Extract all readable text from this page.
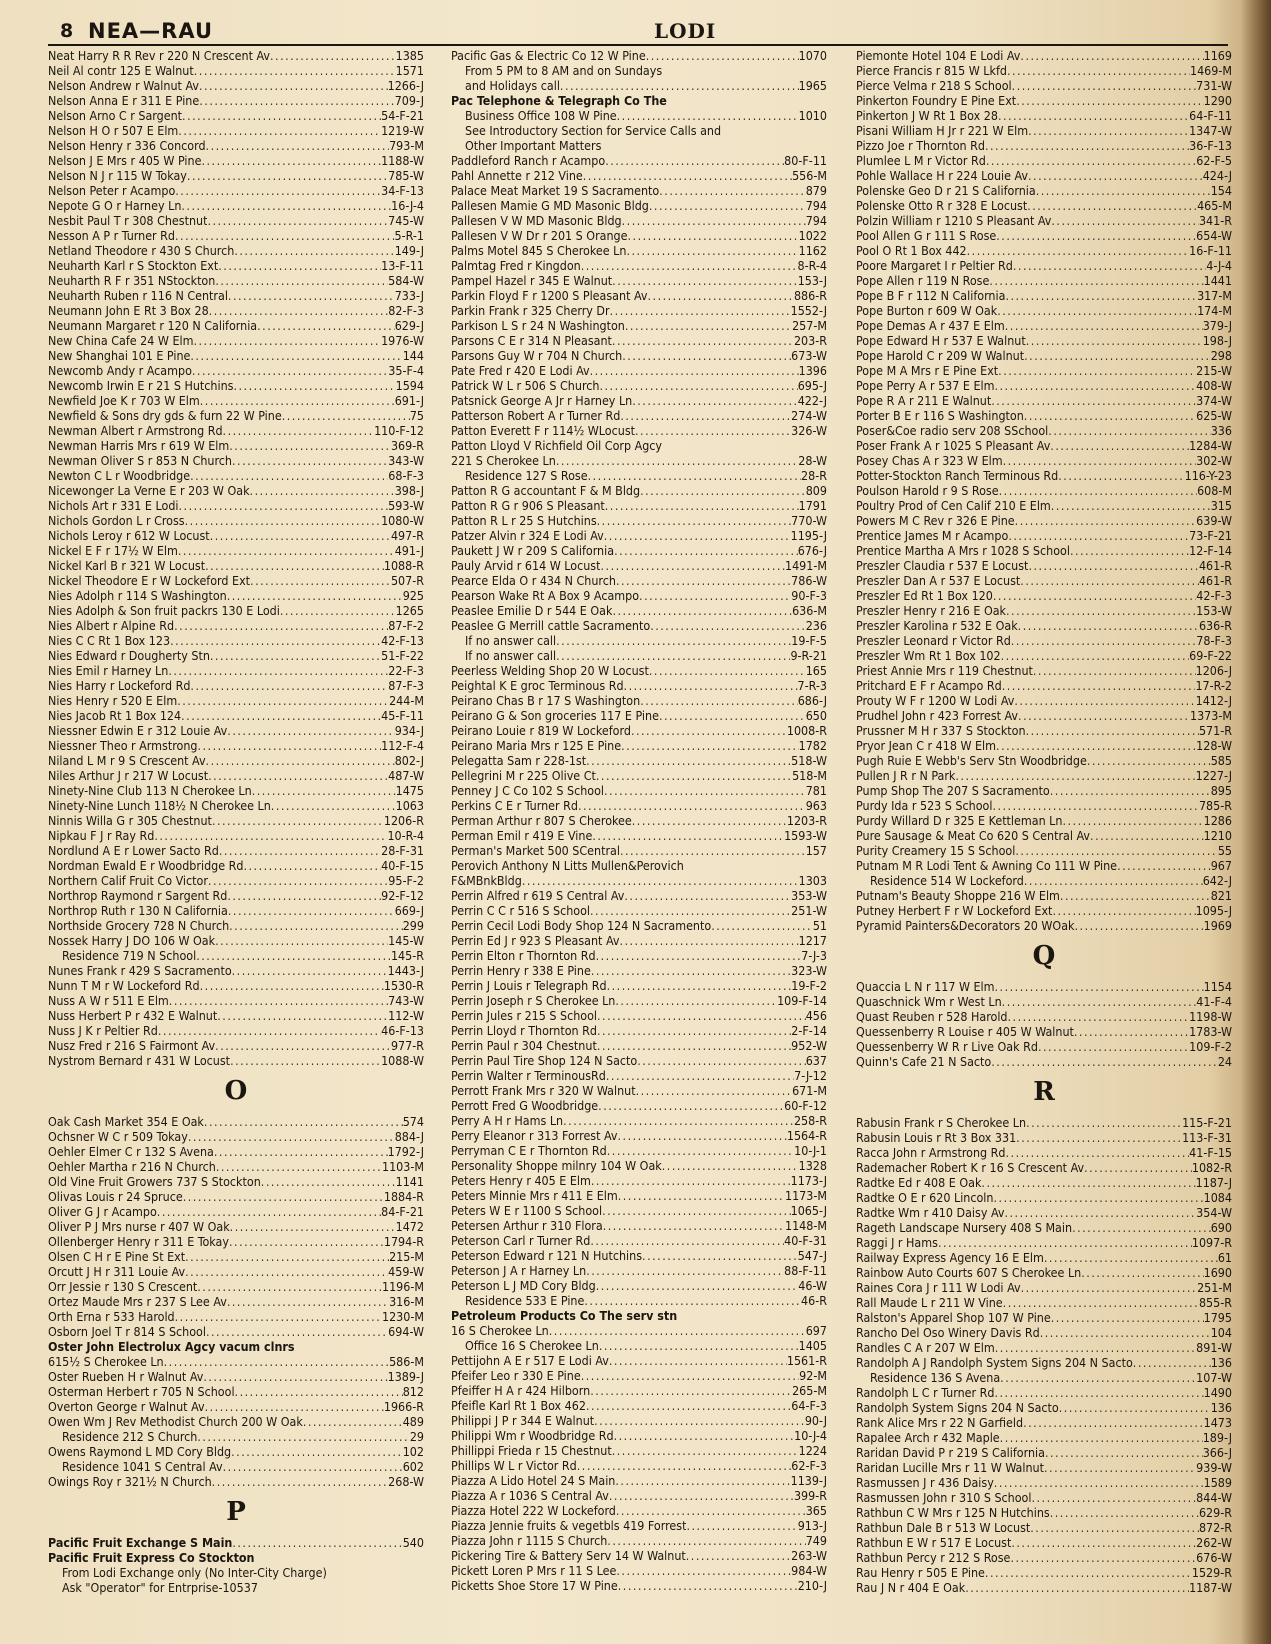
8 NEA—RAU	LODI
Neat Harry R R Rev r 220 N Crescent Av .....	1385
Neil Al contr 125 E Walnut .....	1571
Nelson Andrew r Walnut Av .....	1266-J
Nelson Anna E r 311 E Pine .....	709-J
Nelson Arno C r Sargent .....	54-F-21
Nelson H O r 507 E Elm .....	1219-W
Nelson Henry r 336 Concord .....	793-M
Nelson J E Mrs r 405 W Pine .....	1188-W
Nelson N J r 115 W Tokay .....	785-W
Nelson Peter r Acampo .....	34-F-13
Nepote G O r Harney Ln .....	16-J-4
Nesbit Paul T r 308 Chestnut .....	745-W
Nesson A P r Turner Rd .....	5-R-1
Netland Theodore r 430 S Church .....	149-J
Neuharth Karl r S Stockton Ext .....	13-F-11
Neuharth R F r 351 NStockton .....	584-W
Neuharth Ruben r 116 N Central .....	733-J
Neumann John E Rt 3 Box 28 .....	82-F-3
Neumann Margaret r 120 N California .....	629-J
New China Cafe 24 W Elm .....	1976-W
New Shanghai 101 E Pine .....	144
Newcomb Andy r Acampo .....	35-F-4
Newcomb Irwin E r 21 S Hutchins .....	1594
Newfield Joe K r 703 W Elm .....	691-J
Newfield & Sons dry gds & furn 22 W Pine .....	75
Newman Albert r Armstrong Rd .....	110-F-12
Newman Harris Mrs r 619 W Elm .....	369-R
Newman Oliver S r 853 N Church .....	343-W
Newton C L r Woodbridge .....	68-F-3
Nicewonger La Verne E r 203 W Oak .....	398-J
Nichols Art r 331 E Lodi .....	593-W
Nichols Gordon L r Cross .....	1080-W
Nichols Leroy r 612 W Locust .....	497-R
Nickel E F r 17½ W Elm .....	491-J
Nickel Karl B r 321 W Locust .....	1088-R
Nickel Theodore E r W Lockeford Ext .....	507-R
Nies Adolph r 114 S Washington .....	925
Nies Adolph & Son fruit packrs 130 E Lodi .....	1265
Nies Albert r Alpine Rd .....	87-F-2
Nies C C Rt 1 Box 123 .....	42-F-13
Nies Edward r Dougherty Stn .....	51-F-22
Nies Emil r Harney Ln .....	22-F-3
Nies Harry r Lockeford Rd .....	87-F-3
Nies Henry r 520 E Elm .....	244-M
Nies Jacob Rt 1 Box 124 .....	45-F-11
Niessner Edwin E r 312 Louie Av .....	934-J
Niessner Theo r Armstrong .....	112-F-4
Niland L M r 9 S Crescent Av .....	802-J
Niles Arthur J r 217 W Locust .....	487-W
Ninety-Nine Club 113 N Cherokee Ln .....	1475
Ninety-Nine Lunch 118½ N Cherokee Ln .....	1063
Ninnis Willa G r 305 Chestnut .....	1206-R
Nipkau F J r Ray Rd .....	10-R-4
Nordlund A E r Lower Sacto Rd .....	28-F-31
Nordman Ewald E r Woodbridge Rd .....	40-F-15
Northern Calif Fruit Co Victor .....	95-F-2
Northrop Raymond r Sargent Rd .....	92-F-12
Northrop Ruth r 130 N California .....	669-J
Northside Grocery 728 N Church .....	299
Nossek Harry J DO 106 W Oak .....	145-W
Residence 719 N School .....	145-R
Nunes Frank r 429 S Sacramento .....	1443-J
Nunn T M r W Lockeford Rd .....	1530-R
Nuss A W r 511 E Elm .....	743-W
Nuss Herbert P r 432 E Walnut .....	112-W
Nuss J K r Peltier Rd .....	46-F-13
Nusz Fred r 216 S Fairmont Av .....	977-R
Nystrom Bernard r 431 W Locust .....	1088-W
O
Oak Cash Market 354 E Oak .....	574
Ochsner W C r 509 Tokay .....	884-J
Oehler Elmer C r 132 S Avena .....	1792-J
Oehler Martha r 216 N Church .....	1103-M
Old Vine Fruit Growers 737 S Stockton .....	1141
Olivas Louis r 24 Spruce .....	1884-R
Oliver G J r Acampo .....	84-F-21
Oliver P J Mrs nurse r 407 W Oak .....	1472
Ollenberger Henry r 311 E Tokay .....	1794-R
Olsen C H r E Pine St Ext .....	215-M
Orcutt J H r 311 Louie Av .....	459-W
Orr Jessie r 130 S Crescent .....	1196-M
Ortez Maude Mrs r 237 S Lee Av .....	316-M
Orth Erna r 533 Harold .....	1230-M
Osborn Joel T r 814 S School .....	694-W
Oster John Electrolux Agcy vacum clnrs
615½ S Cherokee Ln .....	586-M
Oster Rueben H r Walnut Av .....	1389-J
Osterman Herbert r 705 N School .....	812
Overton George r Walnut Av .....	1966-R
Owen Wm J Rev Methodist Church 200 W Oak .....	489
Residence 212 S Church .....	29
Owens Raymond L MD Cory Bldg .....	102
Residence 1041 S Central Av .....	602
Owings Roy r 321½ N Church .....	268-W
P
Pacific Fruit Exchange S Main .....	540
Pacific Fruit Express Co Stockton
From Lodi Exchange only (No Inter-City Charge)
Ask "Operator" for Entrprise-10537
Pacific Gas & Electric Co 12 W Pine .....	1070
From 5 PM to 8 AM and on Sundays
and Holidays call .....	1965
Pac Telephone & Telegraph Co The
Business Office 108 W Pine .....	1010
See Introductory Section for Service Calls and
Other Important Matters
Paddleford Ranch r Acampo .....	80-F-11
Pahl Annette r 212 Vine .....	556-M
Palace Meat Market 19 S Sacramento .....	879
Pallesen Mamie G MD Masonic Bldg .....	794
Pallesen V W MD Masonic Bldg .....	794
Pallesen V W Dr r 201 S Orange .....	1022
Palms Motel 845 S Cherokee Ln .....	1162
Palmtag Fred r Kingdon .....	8-R-4
Pampel Hazel r 345 E Walnut .....	153-J
Parkin Floyd F r 1200 S Pleasant Av .....	886-R
Parkin Frank r 325 Cherry Dr .....	1552-J
Parkison L S r 24 N Washington .....	257-M
Parsons C E r 314 N Pleasant .....	203-R
Parsons Guy W r 704 N Church .....	673-W
Pate Fred r 420 E Lodi Av .....	1396
Patrick W L r 506 S Church .....	695-J
Patsnick George A Jr r Harney Ln .....	422-J
Patterson Robert A r Turner Rd .....	274-W
Patton Everett F r 114½ WLocust .....	326-W
Patton Lloyd V Richfield Oil Corp Agcy
221 S Cherokee Ln .....	28-W
Residence 127 S Rose .....	28-R
Patton R G accountant F & M Bldg .....	809
Patton R G r 906 S Pleasant .....	1791
Patton R L r 25 S Hutchins .....	770-W
Patzer Alvin r 324 E Lodi Av .....	1195-J
Paukett J W r 209 S California .....	676-J
Pauly Arvid r 614 W Locust .....	1491-M
Pearce Elda O r 434 N Church .....	786-W
Pearson Wake Rt A Box 9 Acampo .....	90-F-3
Peaslee Emilie D r 544 E Oak .....	636-M
Peaslee G Merrill cattle Sacramento .....	236
If no answer call .....	19-F-5
If no answer call .....	9-R-21
Peerless Welding Shop 20 W Locust .....	165
Peightal K E groc Terminous Rd .....	7-R-3
Peirano Chas B r 17 S Washington .....	686-J
Peirano G & Son groceries 117 E Pine .....	650
Peirano Louie r 819 W Lockeford .....	1008-R
Peirano Maria Mrs r 125 E Pine .....	1782
Pelegatta Sam r 228-1st .....	518-W
Pellegrini M r 225 Olive Ct .....	518-M
Penney J C Co 102 S School .....	781
Perkins C E r Turner Rd .....	963
Perman Arthur r 807 S Cherokee .....	1203-R
Perman Emil r 419 E Vine .....	1593-W
Perman's Market 500 SCentral .....	157
Perovich Anthony N Litts Mullen&Perovich
F&MBnkBldg .....	1303
Perrin Alfred r 619 S Central Av .....	353-W
Perrin C C r 516 S School .....	251-W
Perrin Cecil Lodi Body Shop 124 N Sacramento .....	51
Perrin Ed J r 923 S Pleasant Av .....	1217
Perrin Elton r Thornton Rd .....	7-J-3
Perrin Henry r 338 E Pine .....	323-W
Perrin J Louis r Telegraph Rd .....	19-F-2
Perrin Joseph r S Cherokee Ln .....	109-F-14
Perrin Jules r 215 S School .....	456
Perrin Lloyd r Thornton Rd .....	2-F-14
Perrin Paul r 304 Chestnut .....	952-W
Perrin Paul Tire Shop 124 N Sacto .....	637
Perrin Walter r TerminousRd .....	7-J-12
Perrott Frank Mrs r 320 W Walnut .....	671-M
Perrott Fred G Woodbridge .....	60-F-12
Perry A H r Hams Ln .....	258-R
Perry Eleanor r 313 Forrest Av .....	1564-R
Perryman C E r Thornton Rd .....	10-J-1
Personality Shoppe milnry 104 W Oak .....	1328
Peters Henry r 405 E Elm .....	1173-J
Peters Minnie Mrs r 411 E Elm .....	1173-M
Peters W E r 1100 S School .....	1065-J
Petersen Arthur r 310 Flora .....	1148-M
Peterson Carl r Turner Rd .....	40-F-31
Peterson Edward r 121 N Hutchins .....	547-J
Peterson J A r Harney Ln .....	88-F-11
Peterson L J MD Cory Bldg .....	46-W
Residence 533 E Pine .....	46-R
Petroleum Products Co The serv stn
16 S Cherokee Ln .....	697
Office 16 S Cherokee Ln .....	1405
Pettijohn A E r 517 E Lodi Av .....	1561-R
Pfeifer Leo r 330 E Pine .....	92-M
Pfeiffer H A r 424 Hilborn .....	265-M
Pfeifle Karl Rt 1 Box 462 .....	64-F-3
Philippi J P r 344 E Walnut .....	90-J
Philippi Wm r Woodbridge Rd .....	10-J-4
Phillippi Frieda r 15 Chestnut .....	1224
Phillips W L r Victor Rd .....	62-F-3
Piazza A Lido Hotel 24 S Main .....	1139-J
Piazza A r 1036 S Central Av .....	399-R
Piazza Hotel 222 W Lockeford .....	365
Piazza Jennie fruits & vegetbls 419 Forrest .....	913-J
Piazza John r 1115 S Church .....	749
Pickering Tire & Battery Serv 14 W Walnut .....	263-W
Pickett Loren P Mrs r 11 S Lee .....	984-W
Picketts Shoe Store 17 W Pine .....	210-J
Piemonte Hotel 104 E Lodi Av .....	1169
Pierce Francis r 815 W Lkfd .....	1469-M
Pierce Velma r 218 S School .....	731-W
Pinkerton Foundry E Pine Ext .....	1290
Pinkerton J W Rt 1 Box 28 .....	64-F-11
Pisani William H Jr r 221 W Elm .....	1347-W
Pizzo Joe r Thornton Rd .....	36-F-13
Plumlee L M r Victor Rd .....	62-F-5
Pohle Wallace H r 224 Louie Av .....	424-J
Polenske Geo D r 21 S California .....	154
Polenske Otto R r 328 E Locust .....	465-M
Polzin William r 1210 S Pleasant Av .....	341-R
Pool Allen G r 111 S Rose .....	654-W
Pool O Rt 1 Box 442 .....	16-F-11
Poore Margaret I r Peltier Rd .....	4-J-4
Pope Allen r 119 N Rose .....	1441
Pope B F r 112 N California .....	317-M
Pope Burton r 609 W Oak .....	174-M
Pope Demas A r 437 E Elm .....	379-J
Pope Edward H r 537 E Walnut .....	198-J
Pope Harold C r 209 W Walnut .....	298
Pope M A Mrs r E Pine Ext .....	215-W
Pope Perry A r 537 E Elm .....	408-W
Pope R A r 211 E Walnut .....	374-W
Porter B E r 116 S Washington .....	625-W
Poser&Coe radio serv 208 SSchool .....	336
Poser Frank A r 1025 S Pleasant Av .....	1284-W
Posey Chas A r 323 W Elm .....	302-W
Potter-Stockton Ranch Terminous Rd .....	116-Y-23
Poulson Harold r 9 S Rose .....	608-M
Poultry Prod of Cen Calif 210 E Elm .....	315
Powers M C Rev r 326 E Pine .....	639-W
Prentice James M r Acampo .....	73-F-21
Prentice Martha A Mrs r 1028 S School .....	12-F-14
Preszler Claudia r 537 E Locust .....	461-R
Preszler Dan A r 537 E Locust .....	461-R
Preszler Ed Rt 1 Box 120 .....	42-F-3
Preszler Henry r 216 E Oak .....	153-W
Preszler Karolina r 532 E Oak .....	636-R
Preszler Leonard r Victor Rd .....	78-F-3
Preszler Wm Rt 1 Box 102 .....	69-F-22
Priest Annie Mrs r 119 Chestnut .....	1206-J
Pritchard E F r Acampo Rd .....	17-R-2
Prouty W F r 1200 W Lodi Av .....	1412-J
Prudhel John r 423 Forrest Av .....	1373-M
Prussner M H r 337 S Stockton .....	571-R
Pryor Jean C r 418 W Elm .....	128-W
Pugh Ruie E Webb's Serv Stn Woodbridge .....	585
Pullen J R r N Park .....	1227-J
Pump Shop The 207 S Sacramento .....	895
Purdy Ida r 523 S School .....	785-R
Purdy Willard D r 325 E Kettleman Ln .....	1286
Pure Sausage & Meat Co 620 S Central Av .....	1210
Purity Creamery 15 S School .....	55
Putnam M R Lodi Tent & Awning Co 111 W Pine .....	967
Residence 514 W Lockeford .....	642-J
Putnam's Beauty Shoppe 216 W Elm .....	821
Putney Herbert F r W Lockeford Ext .....	1095-J
Pyramid Painters&Decorators 20 WOak .....	1969
Q
Quaccia L N r 117 W Elm .....	1154
Quaschnick Wm r West Ln .....	41-F-4
Quast Reuben r 528 Harold .....	1198-W
Quessenberry R Louise r 405 W Walnut .....	1783-W
Quessenberry W R r Live Oak Rd .....	109-F-2
Quinn's Cafe 21 N Sacto .....	24
R
Rabusin Frank r S Cherokee Ln .....	115-F-21
Rabusin Louis r Rt 3 Box 331 .....	113-F-31
Racca John r Armstrong Rd .....	41-F-15
Rademacher Robert K r 16 S Crescent Av .....	1082-R
Radtke Ed r 408 E Oak .....	1187-J
Radtke O E r 620 Lincoln .....	1084
Radtke Wm r 410 Daisy Av .....	354-W
Rageth Landscape Nursery 408 S Main .....	690
Raggi J r Hams .....	1097-R
Railway Express Agency 16 E Elm .....	61
Rainbow Auto Courts 607 S Cherokee Ln .....	1690
Raines Cora J r 111 W Lodi Av .....	251-M
Rall Maude L r 211 W Vine .....	855-R
Ralston's Apparel Shop 107 W Pine .....	1795
Rancho Del Oso Winery Davis Rd .....	104
Randles C A r 207 W Elm .....	891-W
Randolph A J Randolph System Signs 204 N Sacto .....	136
Residence 136 S Avena .....	107-W
Randolph L C r Turner Rd .....	1490
Randolph System Signs 204 N Sacto .....	136
Rank Alice Mrs r 22 N Garfield .....	1473
Rapalee Arch r 432 Maple .....	189-J
Raridan David P r 219 S California .....	366-J
Raridan Lucille Mrs r 11 W Walnut .....	939-W
Rasmussen J r 436 Daisy .....	1589
Rasmussen John r 310 S School .....	844-W
Rathbun C W Mrs r 125 N Hutchins .....	629-R
Rathbun Dale B r 513 W Locust .....	872-R
Rathbun E W r 517 E Locust .....	262-W
Rathbun Percy r 212 S Rose .....	676-W
Rau Henry r 505 E Pine .....	1529-R
Rau J N r 404 E Oak .....	1187-W
